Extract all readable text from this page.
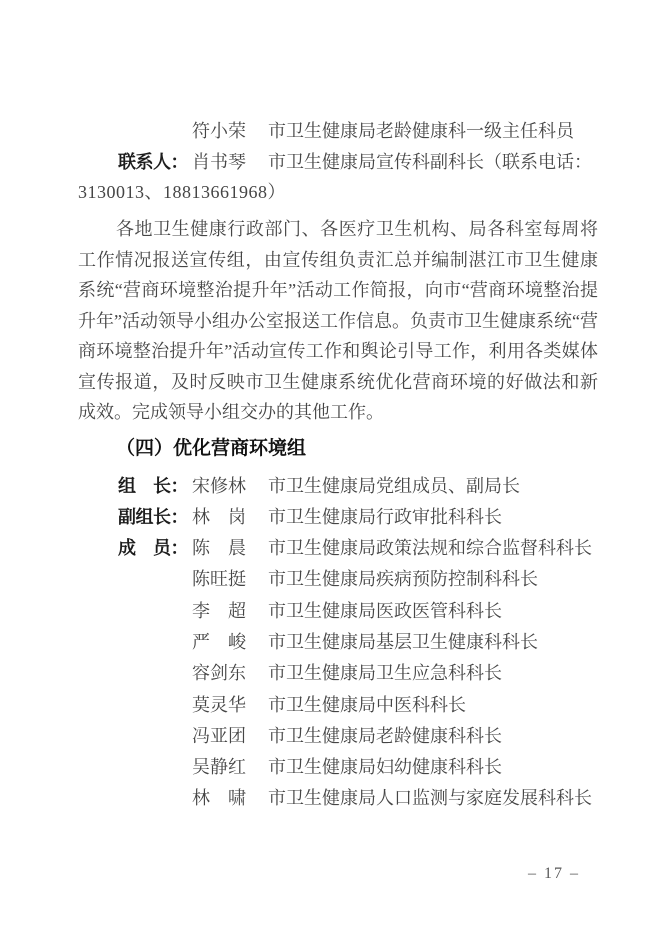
符小荣	市卫生健康局老龄健康科一级主任科员
联系人： 肖书琴	市卫生健康局宣传科副科长（联系电话：
3130013、18813661968）

各地卫生健康行政部门、各医疗卫生机构、局各科室每周将工作情况报送宣传组，由宣传组负责汇总并编制湛江市卫生健康系统“营商环境整治提升年”活动工作简报，向市“营商环境整治提升年”活动领导小组办公室报送工作信息。负责市卫生健康系统“营商环境整治提升年”活动宣传工作和舆论引导工作，利用各类媒体宣传报道，及时反映市卫生健康系统优化营商环境的好做法和新成效。完成领导小组交办的其他工作。

（四）优化营商环境组
组　长： 宋修林	市卫生健康局党组成员、副局长
副组长： 林　岗	市卫生健康局行政审批科科长
成　员： 陈　晨	市卫生健康局政策法规和综合监督科科长
陈旺挺	市卫生健康局疾病预防控制科科长
李　超	市卫生健康局医政医管科科长
严　峻	市卫生健康局基层卫生健康科科长
容剑东	市卫生健康局卫生应急科科长
莫灵华	市卫生健康局中医科科长
冯亚团	市卫生健康局老龄健康科科长
吴静红	市卫生健康局妇幼健康科科长
林　啸	市卫生健康局人口监测与家庭发展科科长
– 17 –
